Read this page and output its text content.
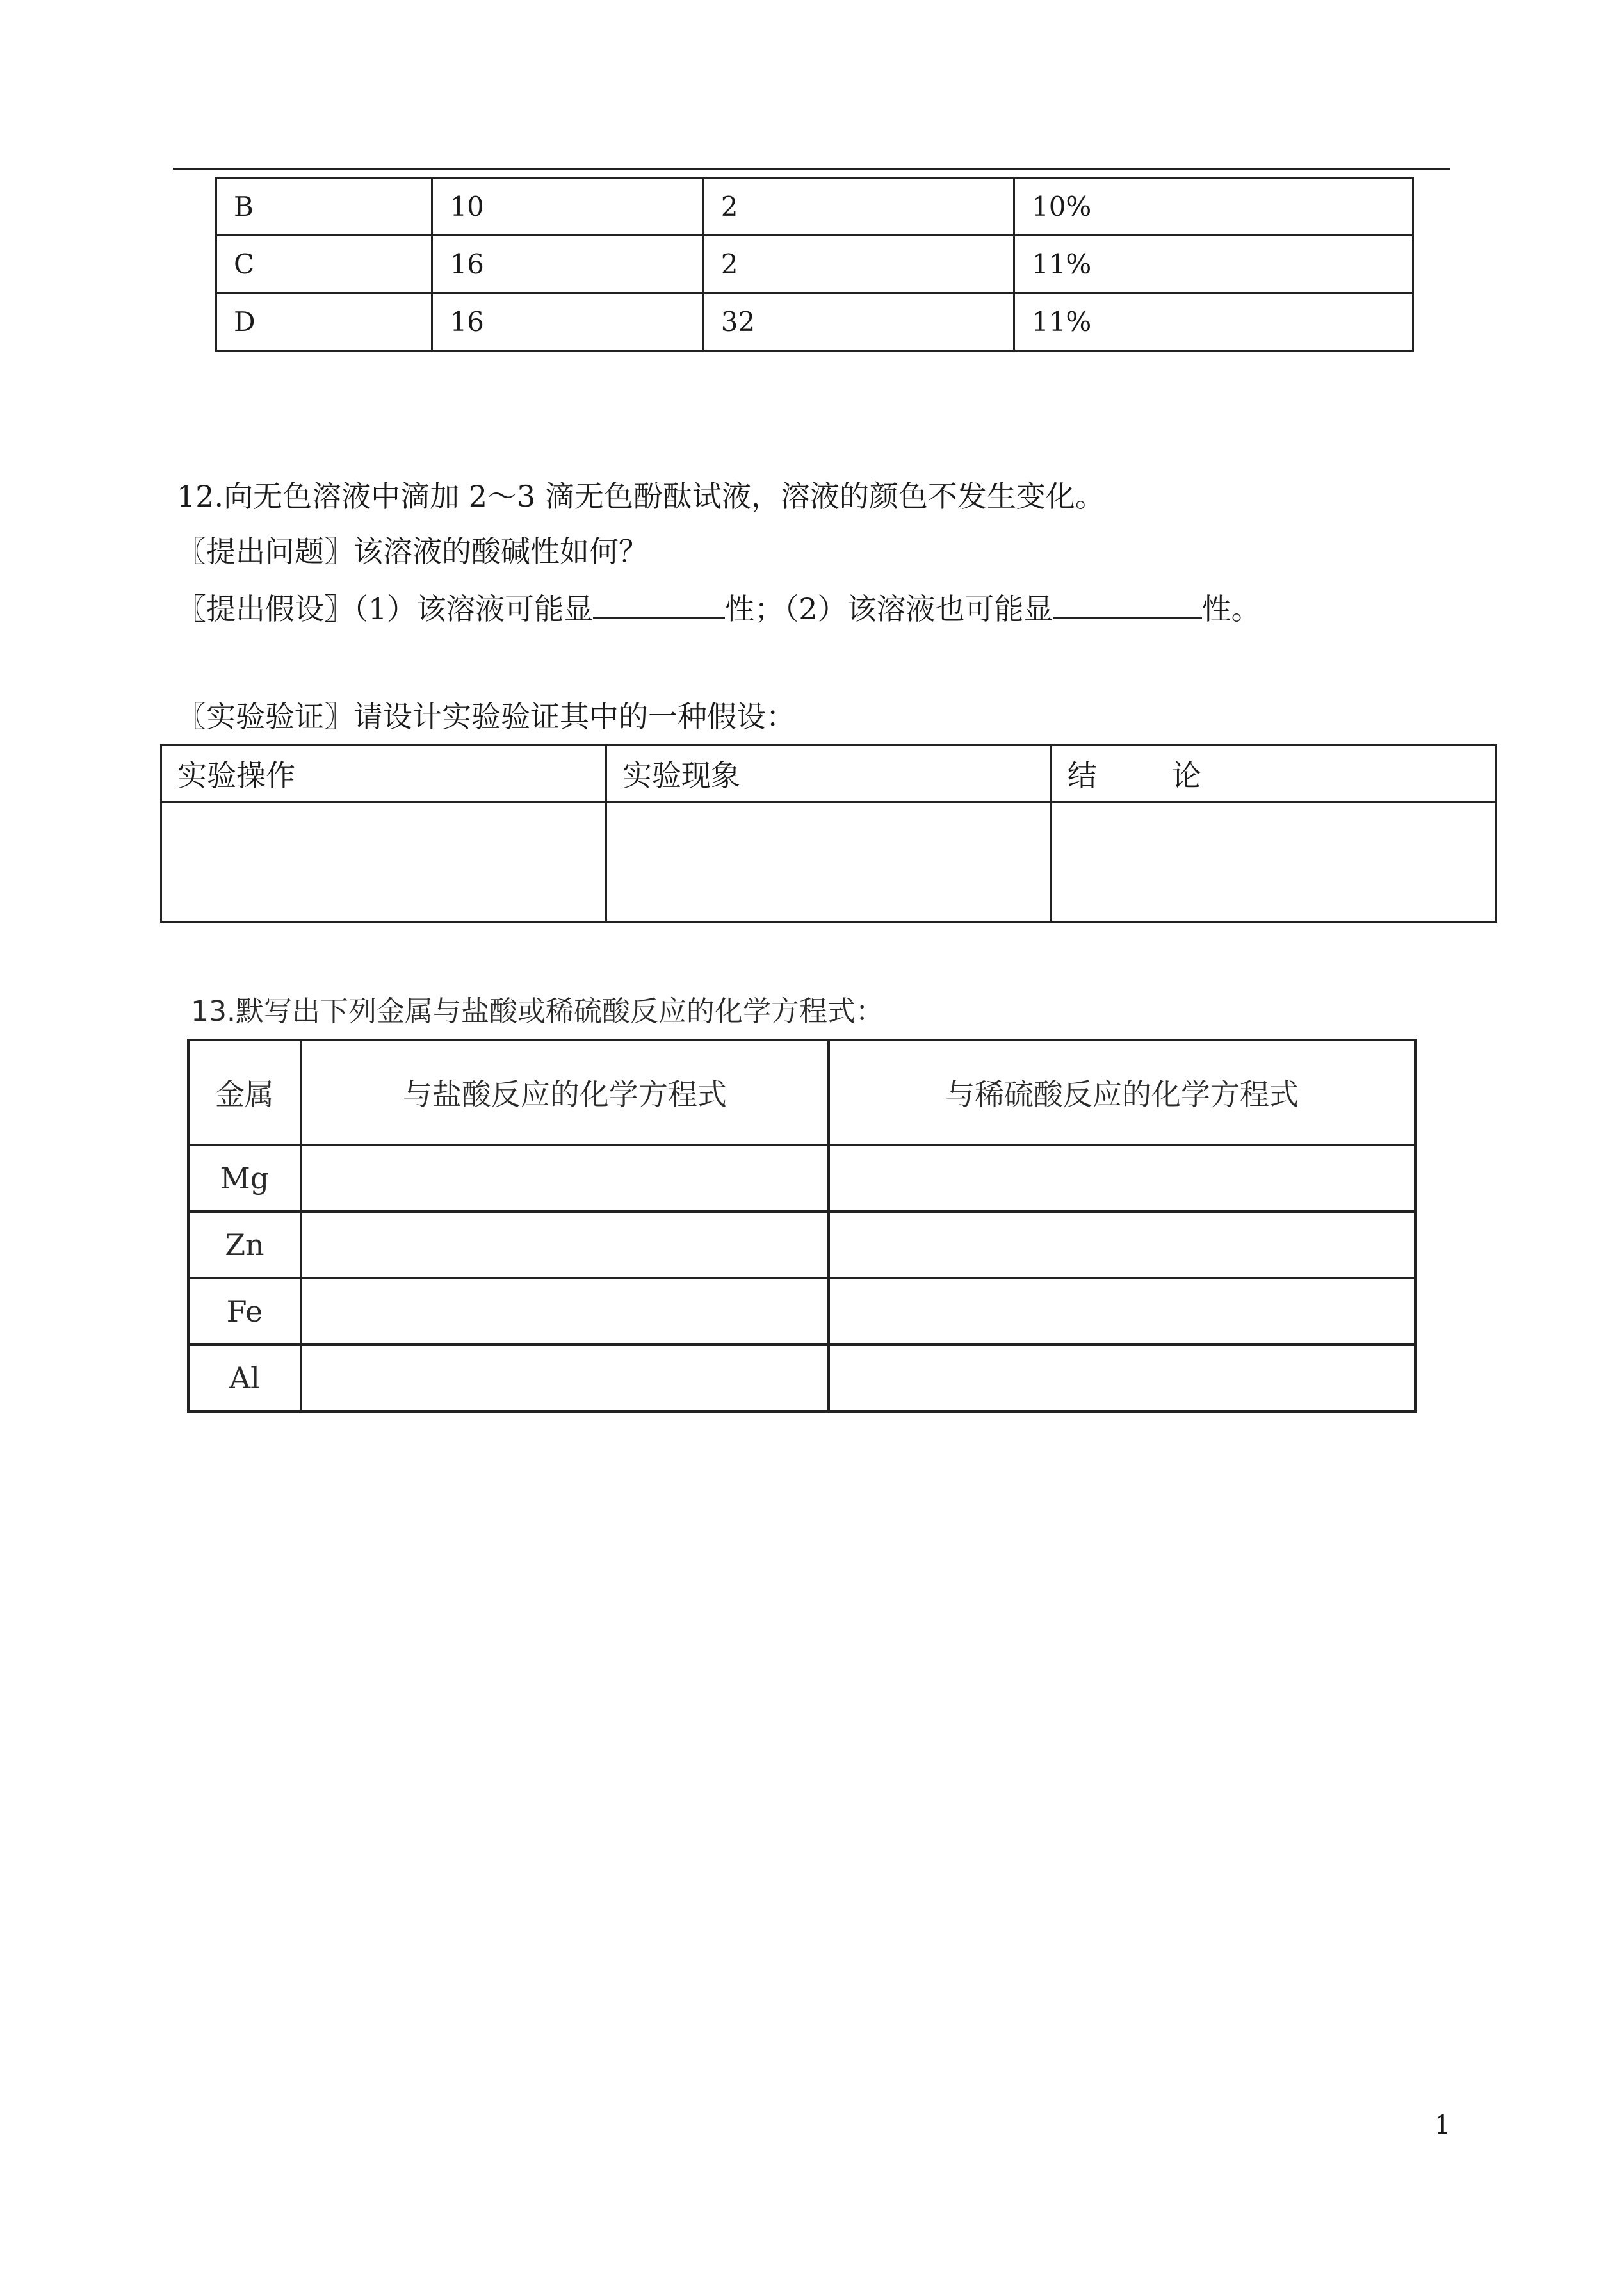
B	10	2	10%
C	16	2	11%
D	16	32	11%
12.向无色溶液中滴加 2～3 滴无色酚酞试液，溶液的颜色不发生变化。
〖提出问题〗该溶液的酸碱性如何？
〖提出假设〗（1）该溶液可能显	性；（2）该溶液也可能显	性。
〖实验验证〗请设计实验验证其中的一种假设：
实验操作	实验现象	结        论

13.默写出下列金属与盐酸或稀硫酸反应的化学方程式：
金属	与盐酸反应的化学方程式	与稀硫酸反应的化学方程式
Mg		
Zn		
Fe		
Al		
1
